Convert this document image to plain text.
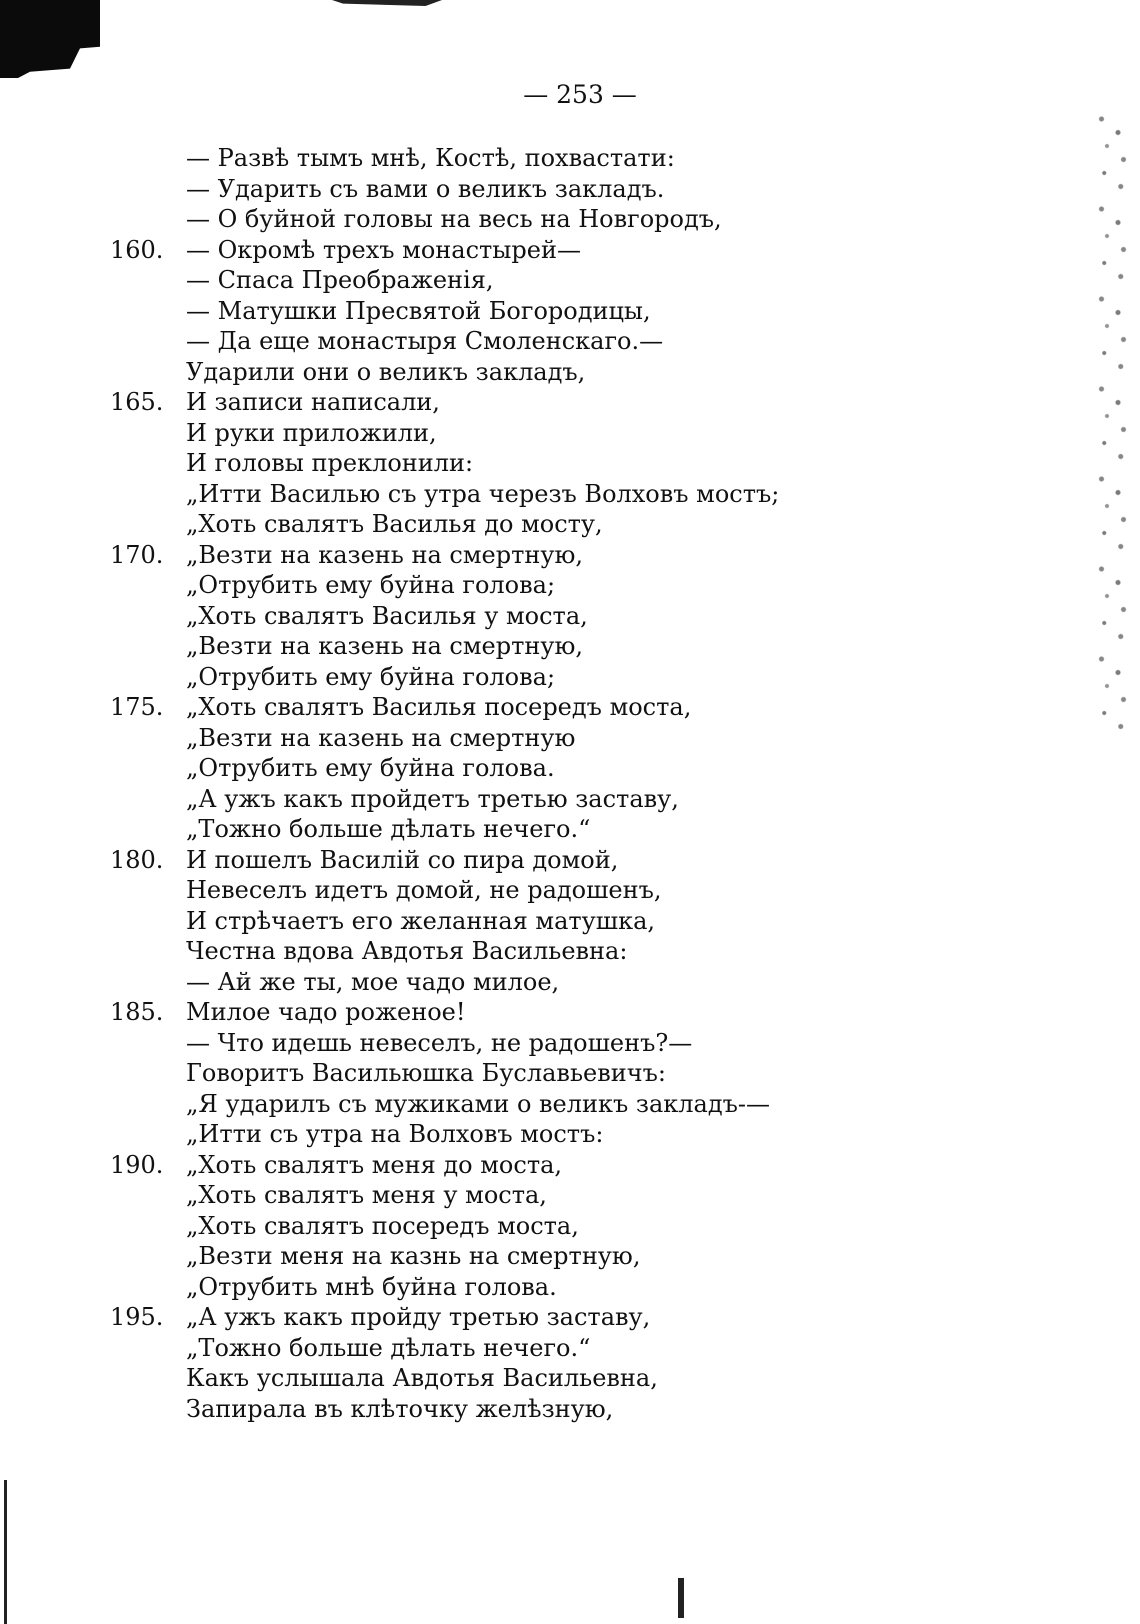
— 253 —
— Развѣ тымъ мнѣ, Костѣ, похвастати:
— Ударить съ вами о великъ закладъ.
— О буйной головы на весь на Новгородъ,
160. — Окромѣ трехъ монастырей—
— Спаса Преображенія,
— Матушки Пресвятой Богородицы,
— Да еще монастыря Смоленскаго.—
Ударили они о великъ закладъ,
165. И записи написали,
И руки приложили,
И головы преклонили:
„Итти Василью съ утра черезъ Волховъ мостъ;
„Хоть свалятъ Василья до мосту,
170. „Везти на казень на смертную,
„Отрубить ему буйна голова;
„Хоть свалятъ Василья у моста,
„Везти на казень на смертную,
„Отрубить ему буйна голова;
175. „Хоть свалятъ Василья посередъ моста,
„Везти на казень на смертную
„Отрубить ему буйна голова.
„А ужъ какъ пройдетъ третью заставу,
„Тожно больше дѣлать нечего.“
180. И пошелъ Василій со пира домой,
Невеселъ идетъ домой, не радошенъ,
И стрѣчаетъ его желанная матушка,
Честна вдова Авдотья Васильевна:
— Ай же ты, мое чадо милое,
185. Милое чадо роженое!
— Что идешь невеселъ, не радошенъ?—
Говоритъ Васильюшка Буславьевичъ:
„Я ударилъ съ мужиками о великъ закладъ-—
„Итти съ утра на Волховъ мостъ:
190. „Хоть свалятъ меня до моста,
„Хоть свалятъ меня у моста,
„Хоть свалятъ посередъ моста,
„Везти меня на казнь на смертную,
„Отрубить мнѣ буйна голова.
195. „А ужъ какъ пройду третью заставу,
„Тожно больше дѣлать нечего.“
Какъ услышала Авдотья Васильевна,
Запирала въ клѣточку желѣзную,
